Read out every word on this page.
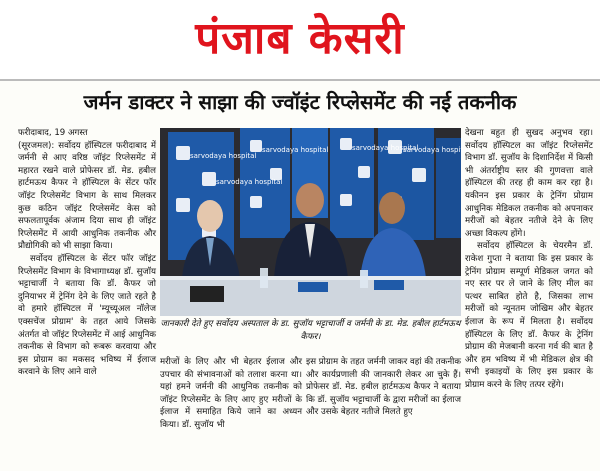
पंजाब केसरी
जर्मन डाक्टर ने साझा की ज्वॉइंट रिप्लेसमेंट की नई तकनीक

फरीदाबाद, 19 अगस्त

(सूरजमल): सर्वोदय हॉस्पिटल फरीदाबाद में जर्मनी से आए वरिष्ठ जॉइंट रिप्लेसमेंट में महारत रखने वाले प्रोफेसर डॉ. मेड. हबील हार्टमऊथ कैफर ने हॉस्पिटल के सेंटर फॉर जॉइंट रिप्लेसमेंट विभाग के साथ मिलकर कुछ कठिन जॉइंट रिप्लेसमेंट केस को सफलतापूर्वक अंजाम दिया साथ ही जॉइंट रिप्लेसमेंट में आयी आधुनिक तकनीक और प्रौद्योगिकी को भी साझा किया।

सर्वोदय हॉस्पिटल के सेंटर फॉर जॉइंट रिप्लेसमेंट विभाग के विभागाध्यक्ष डॉ. सुजॉय भट्टाचार्जी ने बताया कि डॉ. कैफर जो दुनियाभर में ट्रेनिंग देने के लिए जाते रहते है वो हमारे हॉस्पिटल में 'म्यूच्यूअल नॉलेज एक्सचेंज प्रोग्राम' के तहत आये जिसके अंतर्गत वो जॉइंट रिप्लेसमेंट में आई आधुनिक तकनीक से विभाग को रूबरू करवाया और इस प्रोग्राम का मकसद भविष्य में ईलाज करवाने के लिए आने वाले

sarvodaya hospital
sarvodaya hospital
sarvodaya hospital	sarvodaya hospital
sarvodaya hospital
जानकारी देते हुए सर्वोदय अस्पताल के डा. सुजॉय भट्टाचार्जी व जर्मनी के डा. मेड. हबील हार्टमऊथ कैफर।

मरीजों के लिए और भी बेहतर ईलाज और उपचार की संभावनाओं को तलाश करना था। यहां हमने जर्मनी की आधुनिक तकनीक को जॉइंट रिप्लेसमेंट के लिए आए हुए मरीजों के ईलाज में समाहित किये जाने का अध्यन किया। डॉ. सुजॉय भी

इस प्रोग्राम के तहत जर्मनी जाकर वहां की तकनीक और कार्यप्रणाली की जानकारी लेकर आ चुके हैं। प्रोफेसर डॉ. मेड. हबील हार्टमऊथ कैफर ने बताया कि डॉ. सुजॉय भट्टाचार्जी के द्वारा मरीजों का ईलाज और उसके बेहतर नतीजे मिलते हुए

देखना बहुत ही सुखद अनुभव रहा। सर्वोदय हॉस्पिटल का जॉइंट रिप्लेसमेंट विभाग डॉ. सुजॉय के दिशानिर्देश में किसी भी अंतर्राष्ट्रीय स्तर की गुणवत्ता वाले हॉस्पिटल की तरह ही काम कर रहा है। यकीनन इस प्रकार के ट्रेनिंग प्रोग्राम आधुनिक मेडिकल तकनीक को अपनाकर मरीजों को बेहतर नतीजे देने के लिए अच्छा विकल्प होंगे।

सर्वोदय हॉस्पिटल के चेयरमैन डॉ. राकेश गुप्ता ने बताया कि इस प्रकार के ट्रेनिंग प्रोग्राम सम्पूर्ण मेडिकल जगत को नए स्तर पर ले जाने के लिए मील का पत्थर साबित होते है, जिसका लाभ मरीजों को न्यूनतम जोखिम और बेहतर ईलाज के रूप में मिलता है। सर्वोदय हॉस्पिटल के लिए डॉ. कैफर के ट्रेनिंग प्रोग्राम की मेजबानी करना गर्व की बात है और हम भविष्य में भी मेडिकल क्षेत्र की सभी इकाइयों के लिए इस प्रकार के प्रोग्राम करने के लिए तत्पर रहेंगे।
